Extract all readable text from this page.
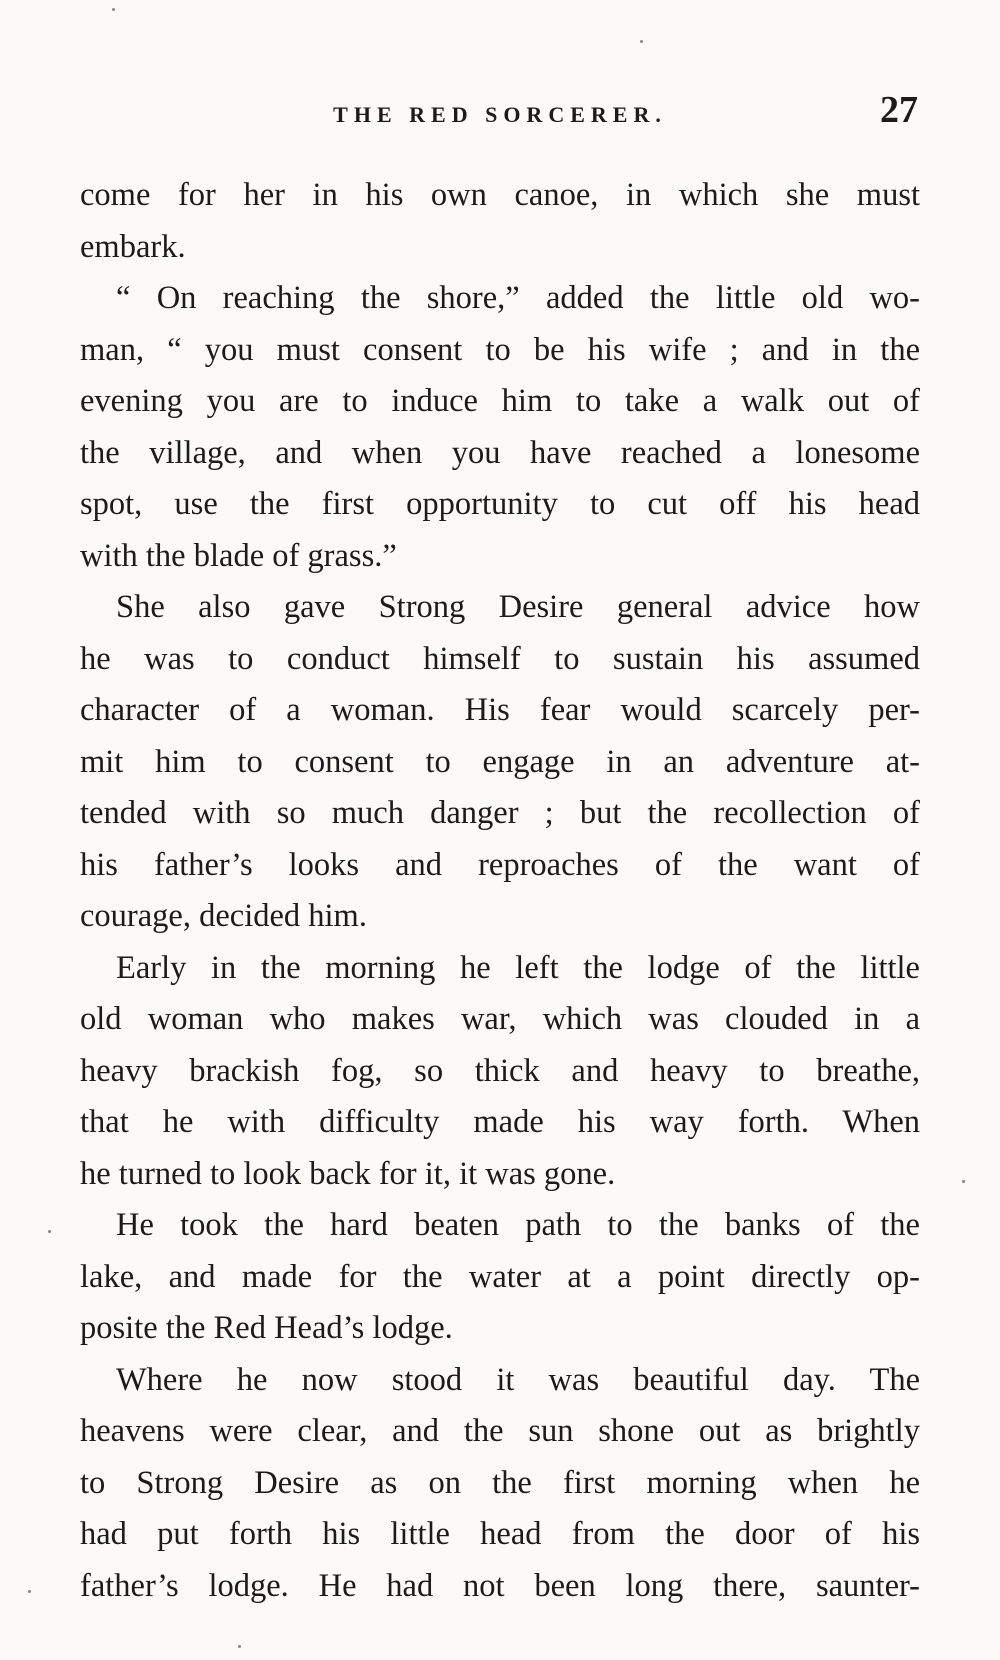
THE RED SORCERER.	27

come for her in his own canoe, in which she must
embark.

“ On reaching the shore,” added the little old wo-
man, “ you must consent to be his wife ; and in the
evening you are to induce him to take a walk out of
the village, and when you have reached a lonesome
spot, use the first opportunity to cut off his head
with the blade of grass.”

She also gave Strong Desire general advice how
he was to conduct himself to sustain his assumed
character of a woman. His fear would scarcely per-
mit him to consent to engage in an adventure at-
tended with so much danger ; but the recollection of
his father’s looks and reproaches of the want of
courage, decided him.

Early in the morning he left the lodge of the little
old woman who makes war, which was clouded in a
heavy brackish fog, so thick and heavy to breathe,
that he with difficulty made his way forth. When
he turned to look back for it, it was gone.

He took the hard beaten path to the banks of the
lake, and made for the water at a point directly op-
posite the Red Head’s lodge.

Where he now stood it was beautiful day. The
heavens were clear, and the sun shone out as brightly
to Strong Desire as on the first morning when he
had put forth his little head from the door of his
father’s lodge. He had not been long there, saunter-
